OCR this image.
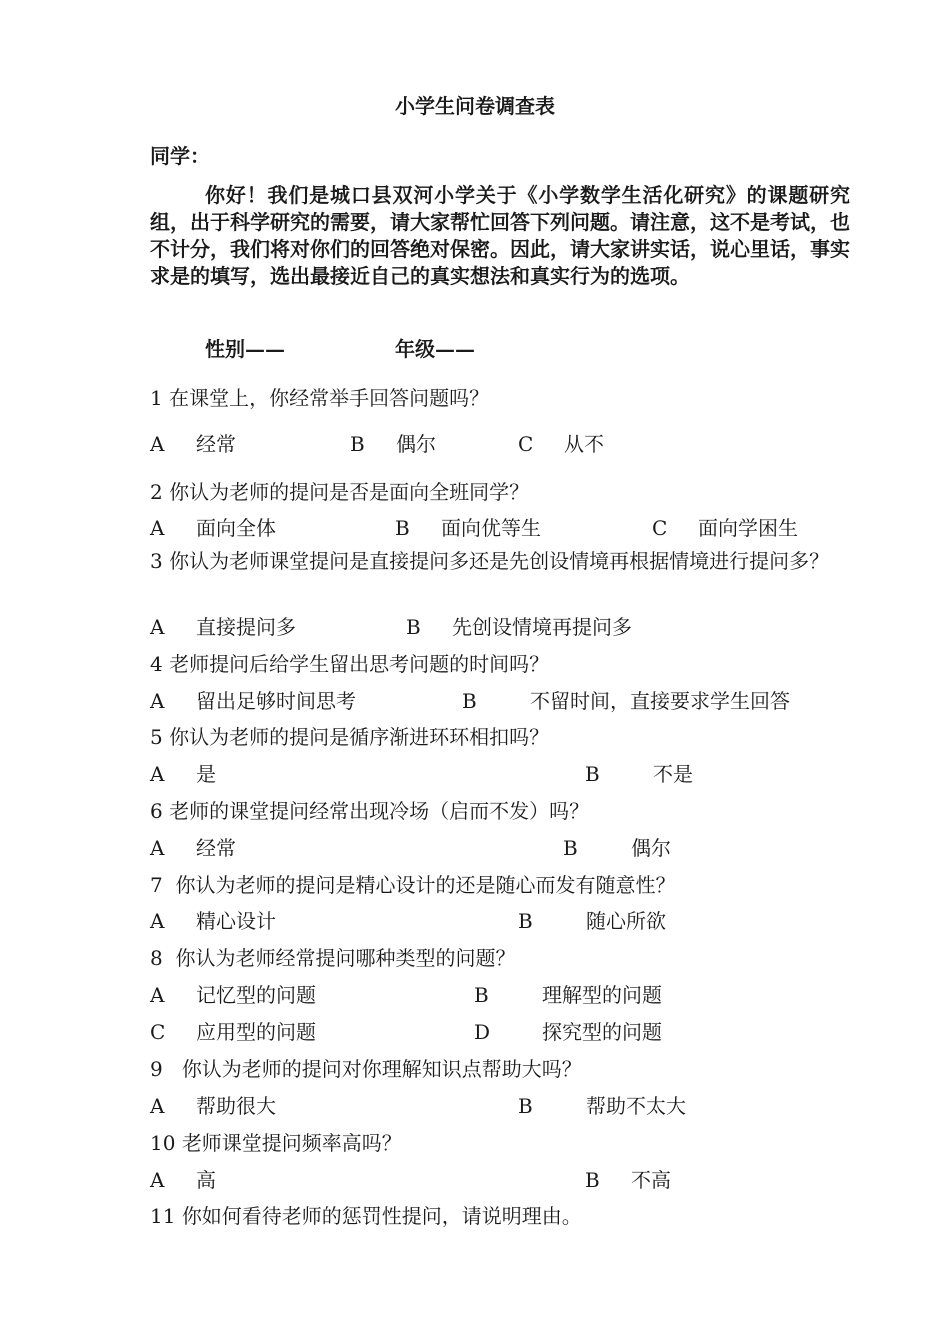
小学生问卷调查表
同学：
你好！我们是城口县双河小学关于《小学数学生活化研究》的课题研究组，出于科学研究的需要，请大家帮忙回答下列问题。请注意，这不是考试，也不计分，我们将对你们的回答绝对保密。因此，请大家讲实话，说心里话，事实求是的填写，选出最接近自己的真实想法和真实行为的选项。
性别——	年级——
1 在课堂上，你经常举手回答问题吗？
A 经常	B 偶尔	C 从不
2 你认为老师的提问是否是面向全班同学？
A 面向全体	B 面向优等生	C 面向学困生
3 你认为老师课堂提问是直接提问多还是先创设情境再根据情境进行提问多？
A 直接提问多	B 先创设情境再提问多
4 老师提问后给学生留出思考问题的时间吗？
A 留出足够时间思考	B	不留时间，直接要求学生回答
5 你认为老师的提问是循序渐进环环相扣吗？
A 是	B	不是
6 老师的课堂提问经常出现冷场（启而不发）吗？
A 经常	B	偶尔
7 你认为老师的提问是精心设计的还是随心而发有随意性？
A 精心设计	B	随心所欲
8 你认为老师经常提问哪种类型的问题？
A 记忆型的问题	B	理解型的问题
C 应用型的问题	D	探究型的问题
9 你认为老师的提问对你理解知识点帮助大吗？
A 帮助很大	B	帮助不太大
10 老师课堂提问频率高吗？
A 高	B 不高
11 你如何看待老师的惩罚性提问，请说明理由。
